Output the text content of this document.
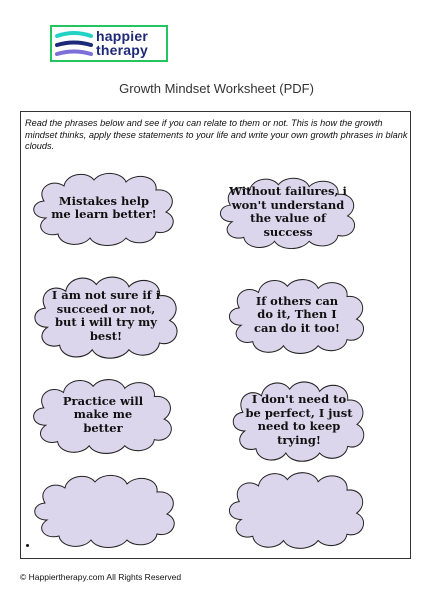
happier
therapy
Growth Mindset Worksheet (PDF)
Read the phrases below and see if you can relate to them or not. This is how the growth mindset thinks, apply these statements to your life and write your own growth phrases in blank clouds.
Mistakes help me learn better!
Without failures, i won't understand the value of success
I am not sure if i succeed or not, but i will try my best!
If others can do it, Then I can do it too!
Practice will make me better
I don't need to be perfect, I just need to keep trying!
© Happiertherapy.com All Rights Reserved
